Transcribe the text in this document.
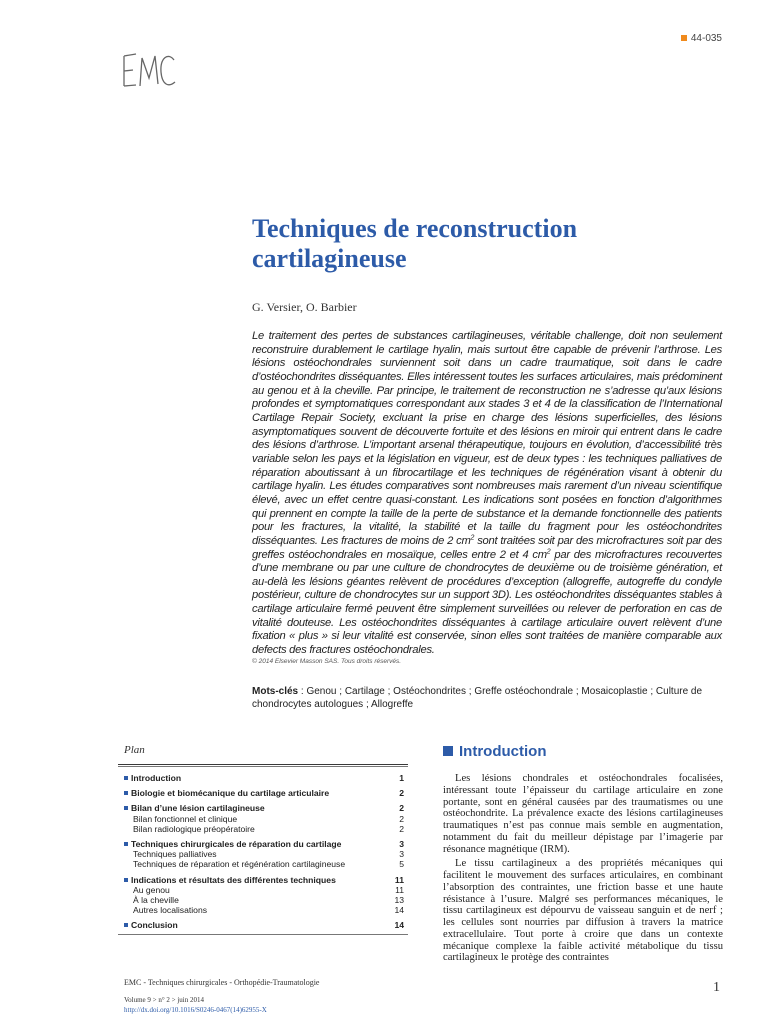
44-035
Techniques de reconstruction
cartilagineuse
G. Versier, O. Barbier
Le traitement des pertes de substances cartilagineuses, véritable challenge, doit non seulement reconstruire durablement le cartilage hyalin, mais surtout être capable de prévenir l’arthrose. Les lésions ostéochondrales surviennent soit dans un cadre traumatique, soit dans le cadre d’ostéochondrites disséquantes. Elles intéressent toutes les surfaces articulaires, mais prédominent au genou et à la cheville. Par principe, le traitement de reconstruction ne s’adresse qu’aux lésions profondes et symptomatiques correspondant aux stades 3 et 4 de la classification de l’International Cartilage Repair Society, excluant la prise en charge des lésions superficielles, des lésions asymptomatiques souvent de découverte fortuite et des lésions en miroir qui entrent dans le cadre des lésions d’arthrose. L’important arsenal thérapeutique, toujours en évolution, d’accessibilité très variable selon les pays et la législation en vigueur, est de deux types : les techniques palliatives de réparation aboutissant à un fibrocartilage et les techniques de régénération visant à obtenir du cartilage hyalin. Les études comparatives sont nombreuses mais rarement d’un niveau scientifique élevé, avec un effet centre quasi-constant. Les indications sont posées en fonction d’algorithmes qui prennent en compte la taille de la perte de substance et la demande fonctionnelle des patients pour les fractures, la vitalité, la stabilité et la taille du fragment pour les ostéochondrites disséquantes. Les fractures de moins de 2 $cm^2$ sont traitées soit par des microfractures soit par des greffes ostéochondrales en mosaïque, celles entre 2 et 4 $cm^2$ par des microfractures recouvertes d’une membrane ou par une culture de chondrocytes de deuxième ou de troisième génération, et au-delà les lésions géantes relèvent de procédures d’exception (allogreffe, autogreffe du condyle postérieur, culture de chondrocytes sur un support 3D). Les ostéochondrites disséquantes stables à cartilage articulaire fermé peuvent être simplement surveillées ou relever de perforation en cas de vitalité douteuse. Les ostéochondrites disséquantes à cartilage articulaire ouvert relèvent d’une fixation « plus » si leur vitalité est conservée, sinon elles sont traitées de manière comparable aux defects des fractures ostéochondrales.
© 2014 Elsevier Masson SAS. Tous droits réservés.
Mots-clés : Genou ; Cartilage ; Ostéochondrites ; Greffe ostéochondrale ; Mosaicoplastie ; Culture de chondrocytes autologues ; Allogreffe
Plan
Introduction	1
Biologie et biomécanique du cartilage articulaire	2
Bilan d’une lésion cartilagineuse	2
Bilan fonctionnel et clinique	2
Bilan radiologique préopératoire	2
Techniques chirurgicales de réparation du cartilage	3
Techniques palliatives	3
Techniques de réparation et régénération cartilagineuse	5
Indications et résultats des différentes techniques	11
Au genou	11
À la cheville	13
Autres localisations	14
Conclusion	14
Introduction

Les lésions chondrales et ostéochondrales focalisées, intéressant toute l’épaisseur du cartilage articulaire en zone portante, sont en général causées par des traumatismes ou une ostéochondrite. La prévalence exacte des lésions cartilagineuses traumatiques n’est pas connue mais semble en augmentation, notamment du fait du meilleur dépistage par l’imagerie par résonance magnétique (IRM).

Le tissu cartilagineux a des propriétés mécaniques qui facilitent le mouvement des surfaces articulaires, en combinant l’absorption des contraintes, une friction basse et une haute résistance à l’usure. Malgré ses performances mécaniques, le tissu cartilagineux est dépourvu de vaisseau sanguin et de nerf ; les cellules sont nourries par diffusion à travers la matrice extracellulaire. Tout porte à croire que dans un contexte mécanique complexe la faible activité métabolique du tissu cartilagineux le protège des contraintes

EMC - Techniques chirurgicales - Orthopédie-Traumatologie
Volume 9 > n° 2 > juin 2014
http://dx.doi.org/10.1016/S0246-0467(14)62955-X
1
